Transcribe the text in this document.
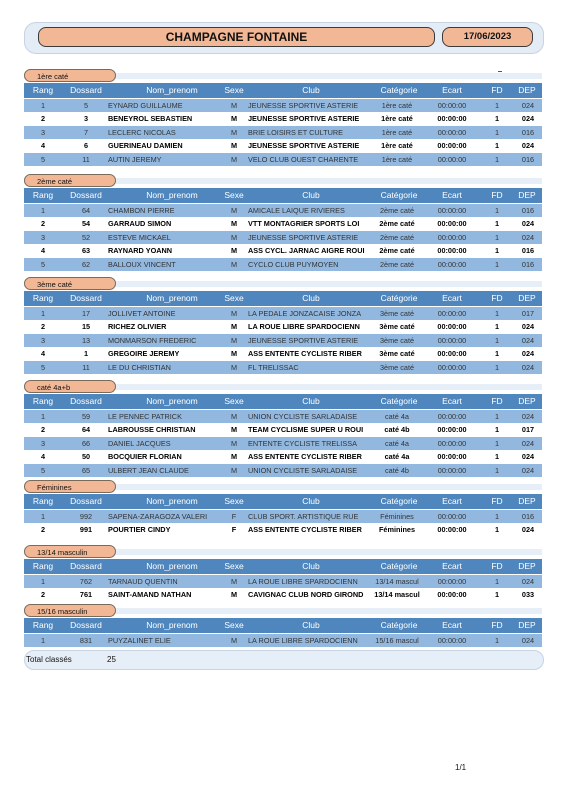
CHAMPAGNE FONTAINE	17/06/2023
1ère caté
Rang	Dossard	Nom_prenom	Sexe	Club	Catégorie	Ecart	FD	DEP
1	5	EYNARD GUILLAUME	M	JEUNESSE SPORTIVE ASTERIE	1ère caté	00:00:00	1	024
2	3	BENEYROL SEBASTIEN	M	JEUNESSE SPORTIVE ASTERIE	1ère caté	00:00:00	1	024
3	7	LECLERC NICOLAS	M	BRIE LOISIRS ET CULTURE	1ère caté	00:00:00	1	016
4	6	GUERINEAU DAMIEN	M	JEUNESSE SPORTIVE ASTERIE	1ère caté	00:00:00	1	024
5	11	AUTIN JEREMY	M	VELO CLUB OUEST CHARENTE	1ère caté	00:00:00	1	016
2ème caté
Rang	Dossard	Nom_prenom	Sexe	Club	Catégorie	Ecart	FD	DEP
1	64	CHAMBON PIERRE	M	AMICALE LAIQUE RIVIERES	2ème caté	00:00:00	1	016
2	54	GARRAUD SIMON	M	VTT MONTAGRIER SPORTS LOI	2ème caté	00:00:00	1	024
3	52	ESTEVE MICKAEL	M	JEUNESSE SPORTIVE ASTERIE	2ème caté	00:00:00	1	024
4	63	RAYNARD YOANN	M	ASS CYCL. JARNAC AIGRE ROUI	2ème caté	00:00:00	1	016
5	62	BALLOUX VINCENT	M	CYCLO CLUB PUYMOYEN	2ème caté	00:00:00	1	016
3ème caté
Rang	Dossard	Nom_prenom	Sexe	Club	Catégorie	Ecart	FD	DEP
1	17	JOLLIVET ANTOINE	M	LA PEDALE JONZACAISE JONZA	3ème caté	00:00:00	1	017
2	15	RICHEZ OLIVIER	M	LA ROUE LIBRE SPARDOCIENN	3ème caté	00:00:00	1	024
3	13	MONMARSON FREDERIC	M	JEUNESSE SPORTIVE ASTERIE	3ème caté	00:00:00	1	024
4	1	GREGOIRE JEREMY	M	ASS ENTENTE CYCLISTE RIBER	3ème caté	00:00:00	1	024
5	11	LE DU CHRISTIAN	M	FL TRELISSAC	3ème caté	00:00:00	1	024
caté 4a+b
Rang	Dossard	Nom_prenom	Sexe	Club	Catégorie	Ecart	FD	DEP
1	59	LE PENNEC PATRICK	M	UNION CYCLISTE SARLADAISE	caté 4a	00:00:00	1	024
2	64	LABROUSSE CHRISTIAN	M	TEAM CYCLISME SUPER U ROUI	caté 4b	00:00:00	1	017
3	66	DANIEL JACQUES	M	ENTENTE CYCLISTE TRELISSA	caté 4a	00:00:00	1	024
4	50	BOCQUIER FLORIAN	M	ASS ENTENTE CYCLISTE RIBER	caté 4a	00:00:00	1	024
5	65	ULBERT JEAN CLAUDE	M	UNION CYCLISTE SARLADAISE	caté 4b	00:00:00	1	024
Féminines
Rang	Dossard	Nom_prenom	Sexe	Club	Catégorie	Ecart	FD	DEP
1	992	SAPENA-ZARAGOZA VALERI	F	CLUB SPORT. ARTISTIQUE RUE	Féminines	00:00:00	1	016
2	991	POURTIER CINDY	F	ASS ENTENTE CYCLISTE RIBER	Féminines	00:00:00	1	024
13/14 masculin
Rang	Dossard	Nom_prenom	Sexe	Club	Catégorie	Ecart	FD	DEP
1	762	TARNAUD QUENTIN	M	LA ROUE LIBRE SPARDOCIENN	13/14 mascul	00:00:00	1	024
2	761	SAINT-AMAND NATHAN	M	CAVIGNAC CLUB NORD GIROND	13/14 mascul	00:00:00	1	033
15/16 masculin
Rang	Dossard	Nom_prenom	Sexe	Club	Catégorie	Ecart	FD	DEP
1	831	PUYZALINET ELIE	M	LA ROUE LIBRE SPARDOCIENN	15/16 mascul	00:00:00	1	024
Total classés	25
1/1
